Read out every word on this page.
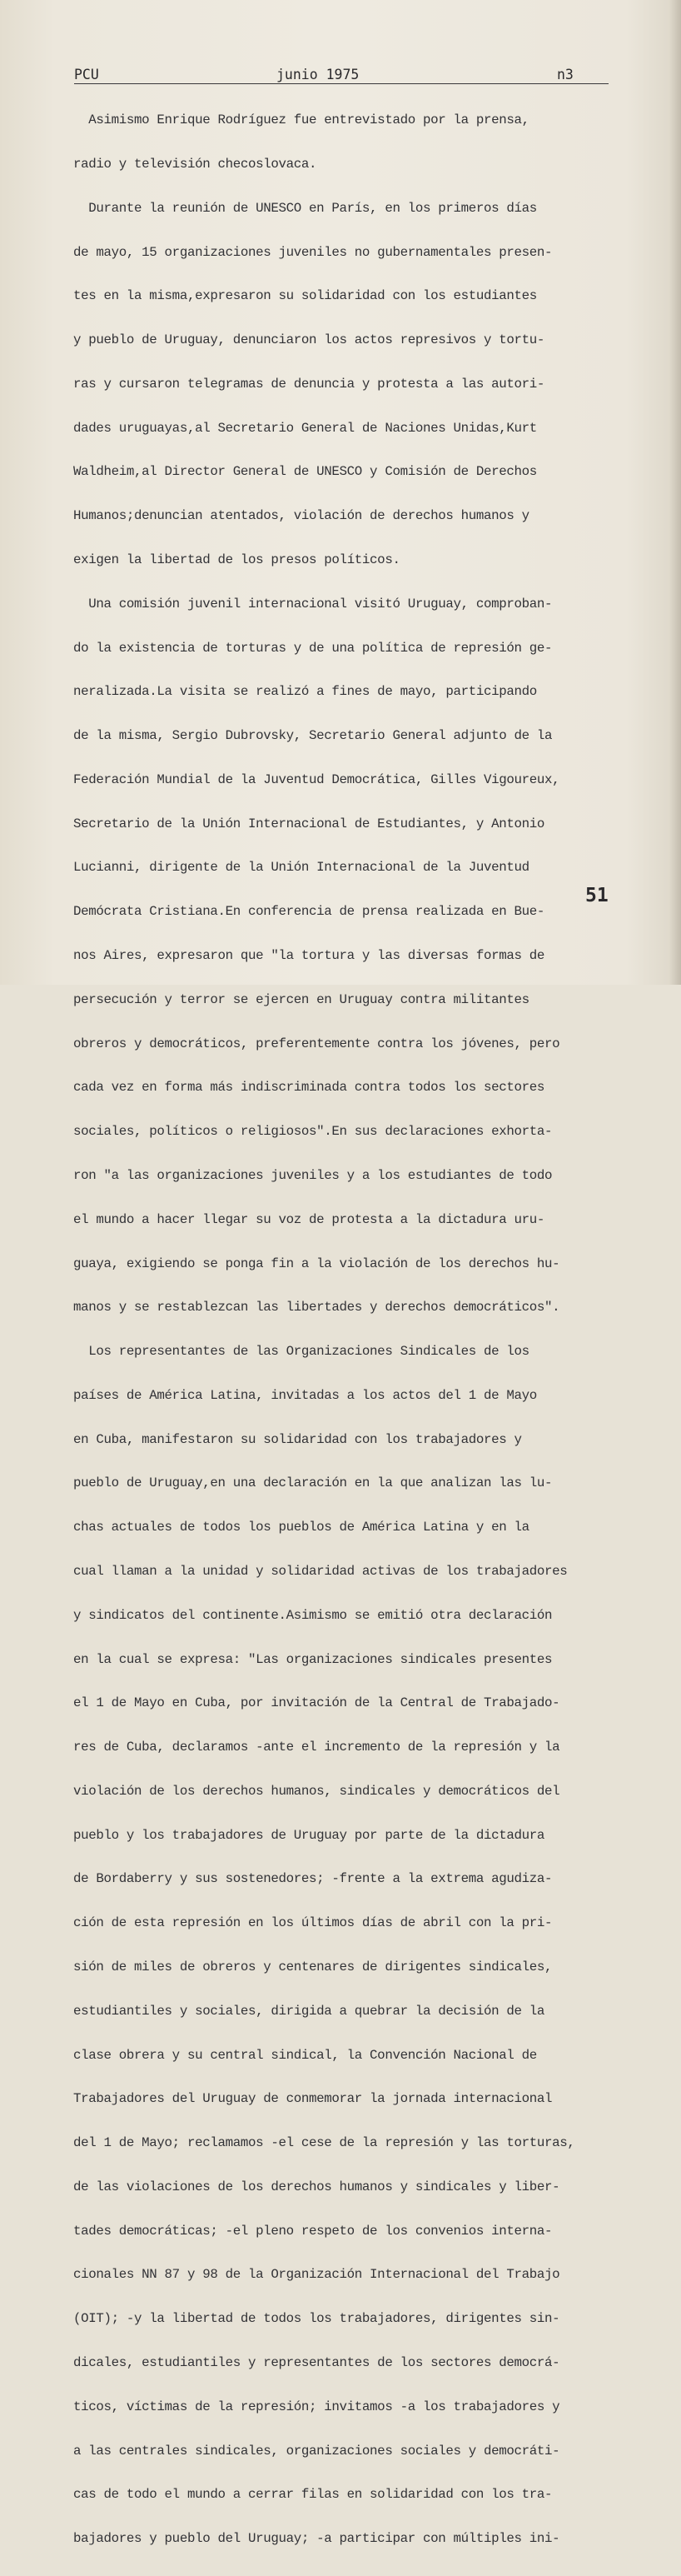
PCU	junio 1975	n3

Asimismo Enrique Rodríguez fue entrevistado por la prensa,

radio y televisión checoslovaca.

Durante la reunión de UNESCO en París, en los primeros días

de mayo, 15 organizaciones juveniles no gubernamentales presen-

tes en la misma,expresaron su solidaridad con los estudiantes

y pueblo de Uruguay, denunciaron los actos represivos y tortu-

ras y cursaron telegramas de denuncia y protesta a las autori-

dades uruguayas,al Secretario General de Naciones Unidas,Kurt

Waldheim,al Director General de UNESCO y Comisión de Derechos

Humanos;denuncian atentados, violación de derechos humanos y

exigen la libertad de los presos políticos.

Una comisión juvenil internacional visitó Uruguay, comproban-

do la existencia de torturas y de una política de represión ge-

neralizada.La visita se realizó a fines de mayo, participando

de la misma, Sergio Dubrovsky, Secretario General adjunto de la

Federación Mundial de la Juventud Democrática, Gilles Vigoureux,

Secretario de la Unión Internacional de Estudiantes, y Antonio

Lucianni, dirigente de la Unión Internacional de la Juventud

Demócrata Cristiana.En conferencia de prensa realizada en Bue-

nos Aires, expresaron que "la tortura y las diversas formas de

persecución y terror se ejercen en Uruguay contra militantes

obreros y democráticos, preferentemente contra los jóvenes, pero

cada vez en forma más indiscriminada contra todos los sectores

sociales, políticos o religiosos".En sus declaraciones exhorta-

ron "a las organizaciones juveniles y a los estudiantes de todo

el mundo a hacer llegar su voz de protesta a la dictadura uru-

guaya, exigiendo se ponga fin a la violación de los derechos hu-

manos y se restablezcan las libertades y derechos democráticos".

Los representantes de las Organizaciones Sindicales de los

países de América Latina, invitadas a los actos del 1 de Mayo

en Cuba, manifestaron su solidaridad con los trabajadores y

pueblo de Uruguay,en una declaración en la que analizan las lu-

chas actuales de todos los pueblos de América Latina y en la

cual llaman a la unidad y solidaridad activas de los trabajadores

y sindicatos del continente.Asimismo se emitió otra declaración

en la cual se expresa: "Las organizaciones sindicales presentes

el 1 de Mayo en Cuba, por invitación de la Central de Trabajado-

res de Cuba, declaramos -ante el incremento de la represión y la

violación de los derechos humanos, sindicales y democráticos del

pueblo y los trabajadores de Uruguay por parte de la dictadura

de Bordaberry y sus sostenedores; -frente a la extrema agudiza-

ción de esta represión en los últimos días de abril con la pri-

sión de miles de obreros y centenares de dirigentes sindicales,

estudiantiles y sociales, dirigida a quebrar la decisión de la

clase obrera y su central sindical, la Convención Nacional de

Trabajadores del Uruguay de conmemorar la jornada internacional

del 1 de Mayo; reclamamos -el cese de la represión y las torturas,

de las violaciones de los derechos humanos y sindicales y liber-

tades democráticas; -el pleno respeto de los convenios interna-

cionales NN 87 y 98 de la Organización Internacional del Trabajo

(OIT); -y la libertad de todos los trabajadores, dirigentes sin-

dicales, estudiantiles y representantes de los sectores democrá-

ticos, víctimas de la represión; invitamos -a los trabajadores y

a las centrales sindicales, organizaciones sociales y democráti-

cas de todo el mundo a cerrar filas en solidaridad con los tra-

bajadores y pueblo del Uruguay; -a participar con múltiples ini-

51
